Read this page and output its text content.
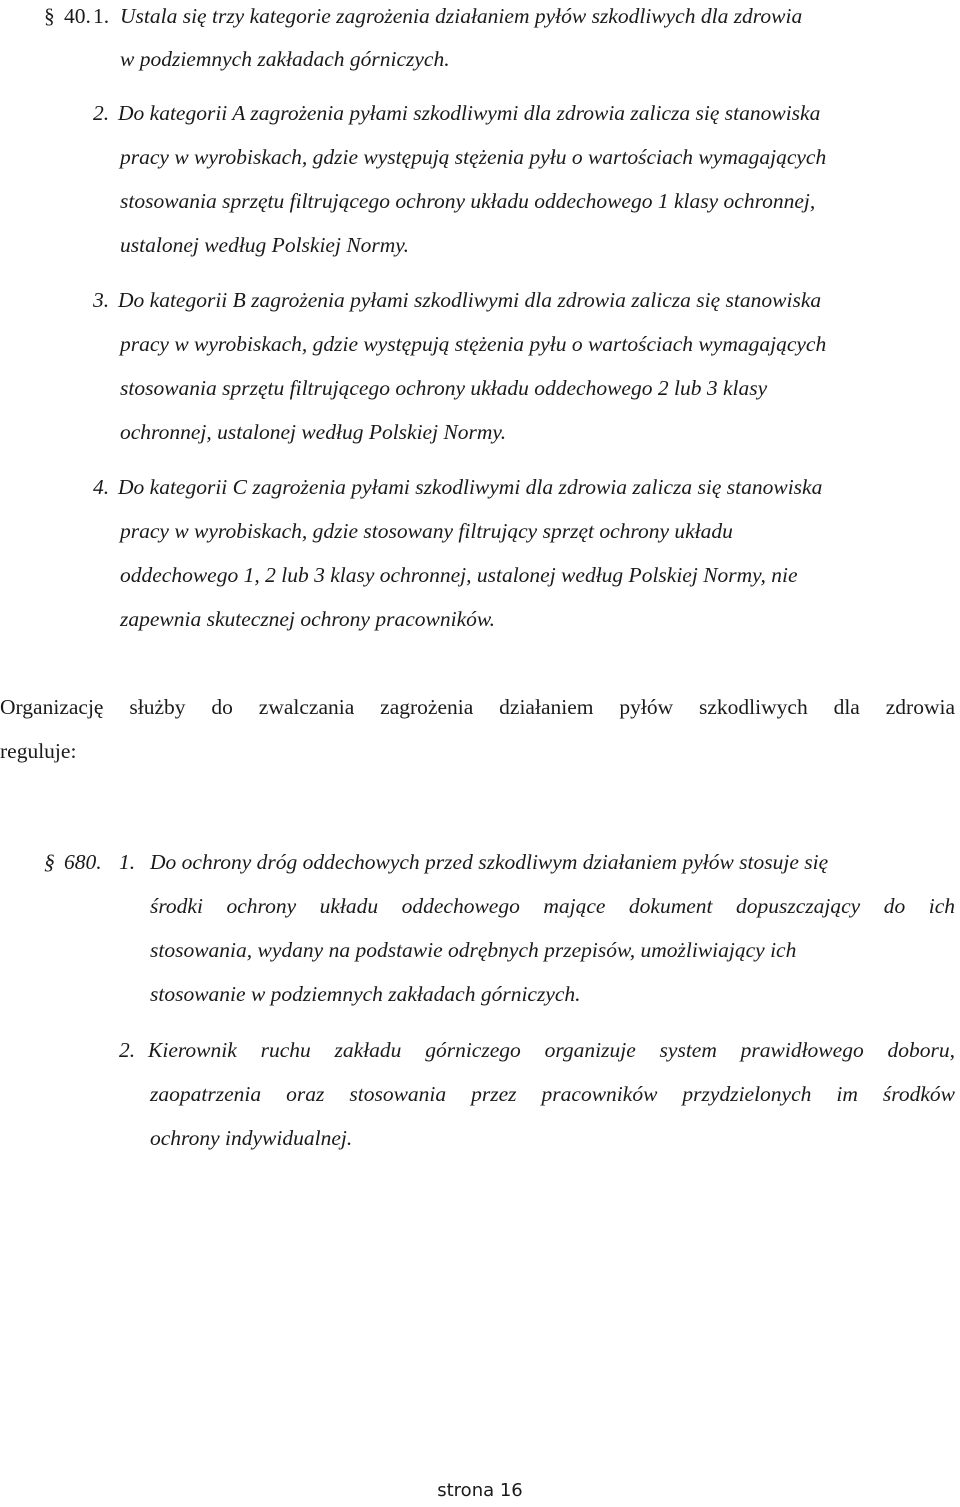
§ 40. 1. Ustala się trzy kategorie zagrożenia działaniem pyłów szkodliwych dla zdrowia
w podziemnych zakładach górniczych.
2. Do kategorii A zagrożenia pyłami szkodliwymi dla zdrowia zalicza się stanowiska
pracy w wyrobiskach, gdzie występują stężenia pyłu o wartościach wymagających
stosowania sprzętu filtrującego ochrony układu oddechowego 1 klasy ochronnej,
ustalonej według Polskiej Normy.
3. Do kategorii B zagrożenia pyłami szkodliwymi dla zdrowia zalicza się stanowiska
pracy w wyrobiskach, gdzie występują stężenia pyłu o wartościach wymagających
stosowania sprzętu filtrującego ochrony układu oddechowego 2 lub 3 klasy
ochronnej, ustalonej według Polskiej Normy.
4. Do kategorii C zagrożenia pyłami szkodliwymi dla zdrowia zalicza się stanowiska
pracy w wyrobiskach, gdzie stosowany filtrujący sprzęt ochrony układu
oddechowego 1, 2 lub 3 klasy ochronnej, ustalonej według Polskiej Normy, nie
zapewnia skutecznej ochrony pracowników.
Organizację służby do zwalczania zagrożenia działaniem pyłów szkodliwych dla zdrowia
reguluje:
§ 680. 1. Do ochrony dróg oddechowych przed szkodliwym działaniem pyłów stosuje się
środki ochrony układu oddechowego mające dokument dopuszczający do ich
stosowania, wydany na podstawie odrębnych przepisów, umożliwiający ich
stosowanie w podziemnych zakładach górniczych.
2. Kierownik ruchu zakładu górniczego organizuje system prawidłowego doboru,
zaopatrzenia oraz stosowania przez pracowników przydzielonych im środków
ochrony indywidualnej.
strona 16
